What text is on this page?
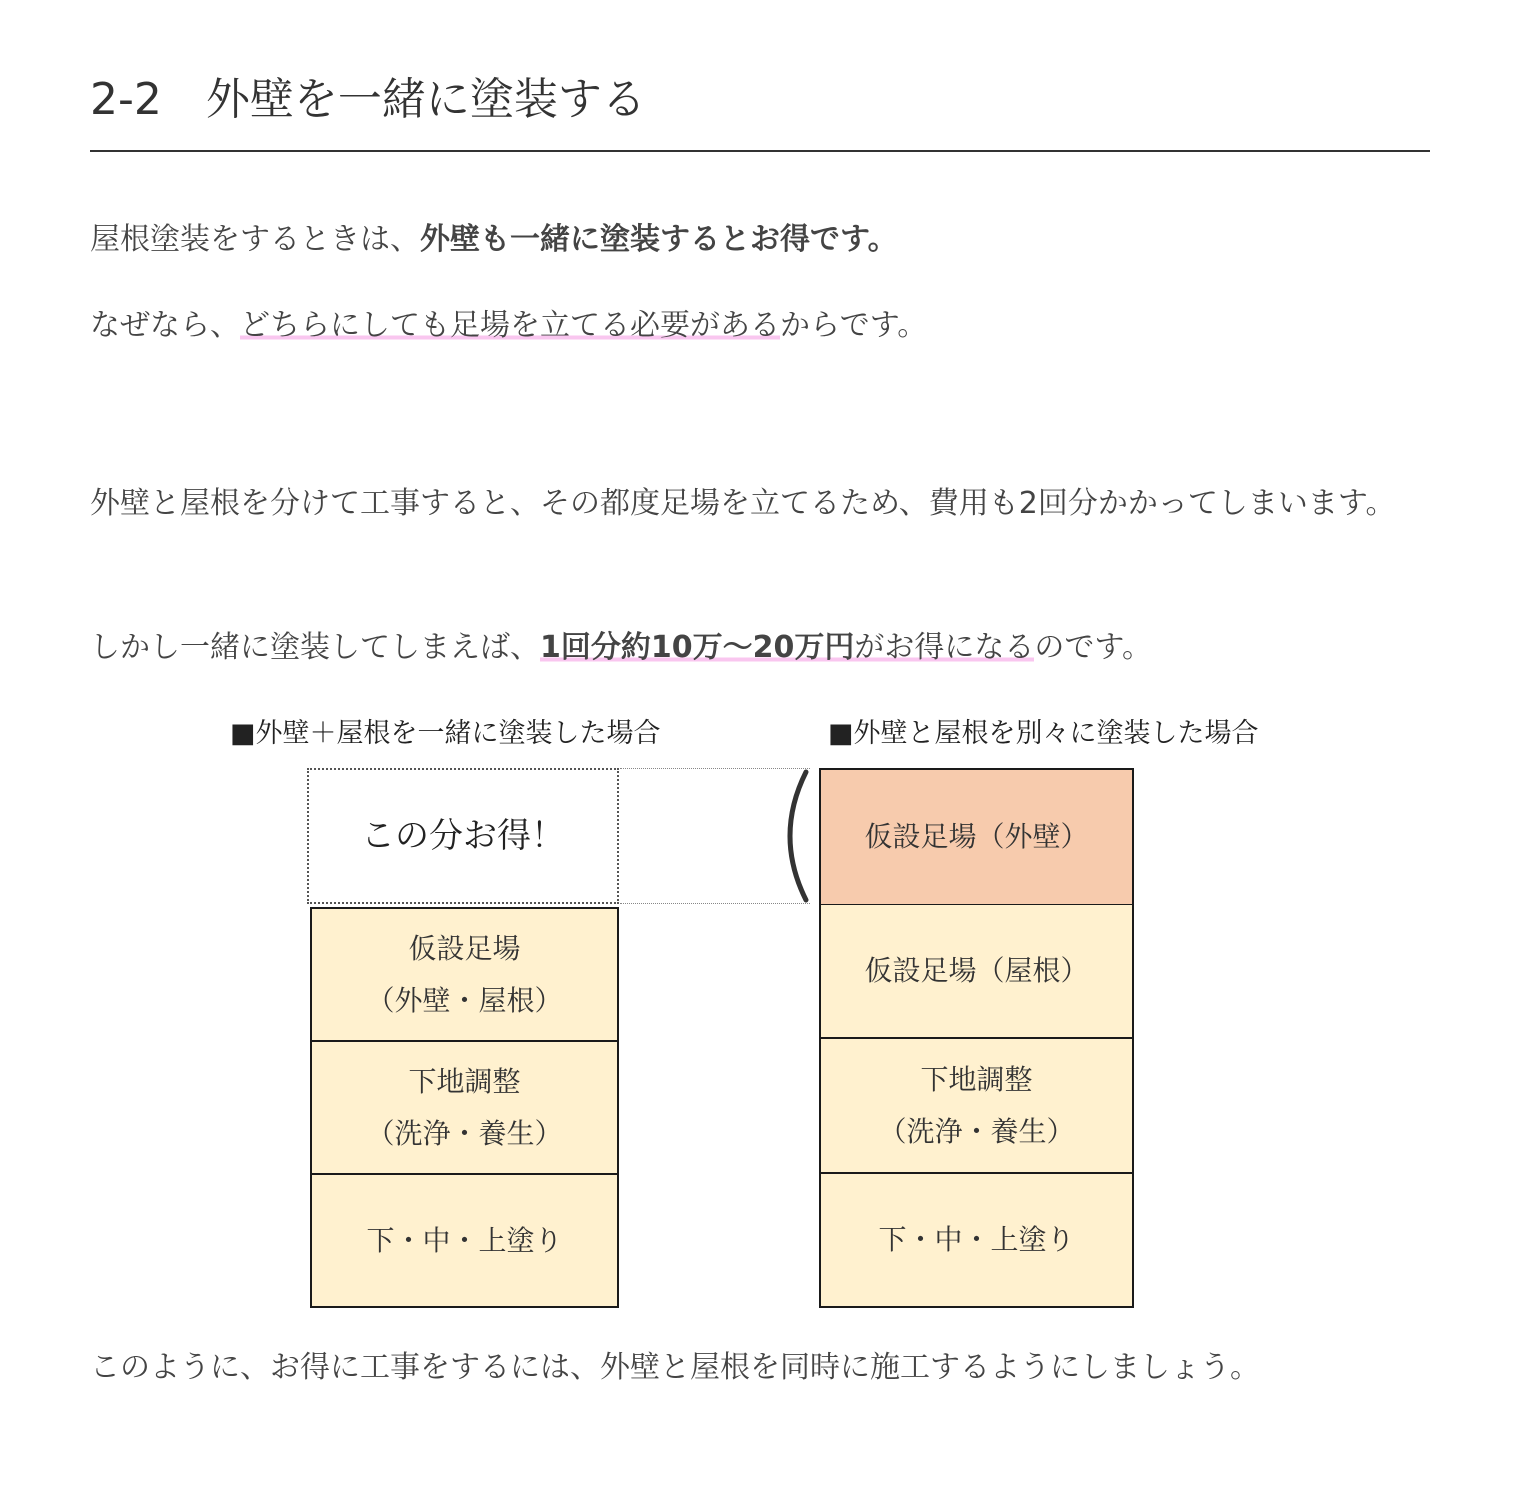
2-2　外壁を一緒に塗装する

屋根塗装をするときは、外壁も一緒に塗装するとお得です。

なぜなら、どちらにしても足場を立てる必要があるからです。

外壁と屋根を分けて工事すると、その都度足場を立てるため、費用も2回分かかってしまいます。

しかし一緒に塗装してしまえば、1回分約10万〜20万円がお得になるのです。

■外壁＋屋根を一緒に塗装した場合	■外壁と屋根を別々に塗装した場合
この分お得！
仮設足場
（外壁・屋根）
下地調整
（洗浄・養生）
下・中・上塗り
仮設足場（外壁）
仮設足場（屋根）
下地調整
（洗浄・養生）
下・中・上塗り

このように、お得に工事をするには、外壁と屋根を同時に施工するようにしましょう。
